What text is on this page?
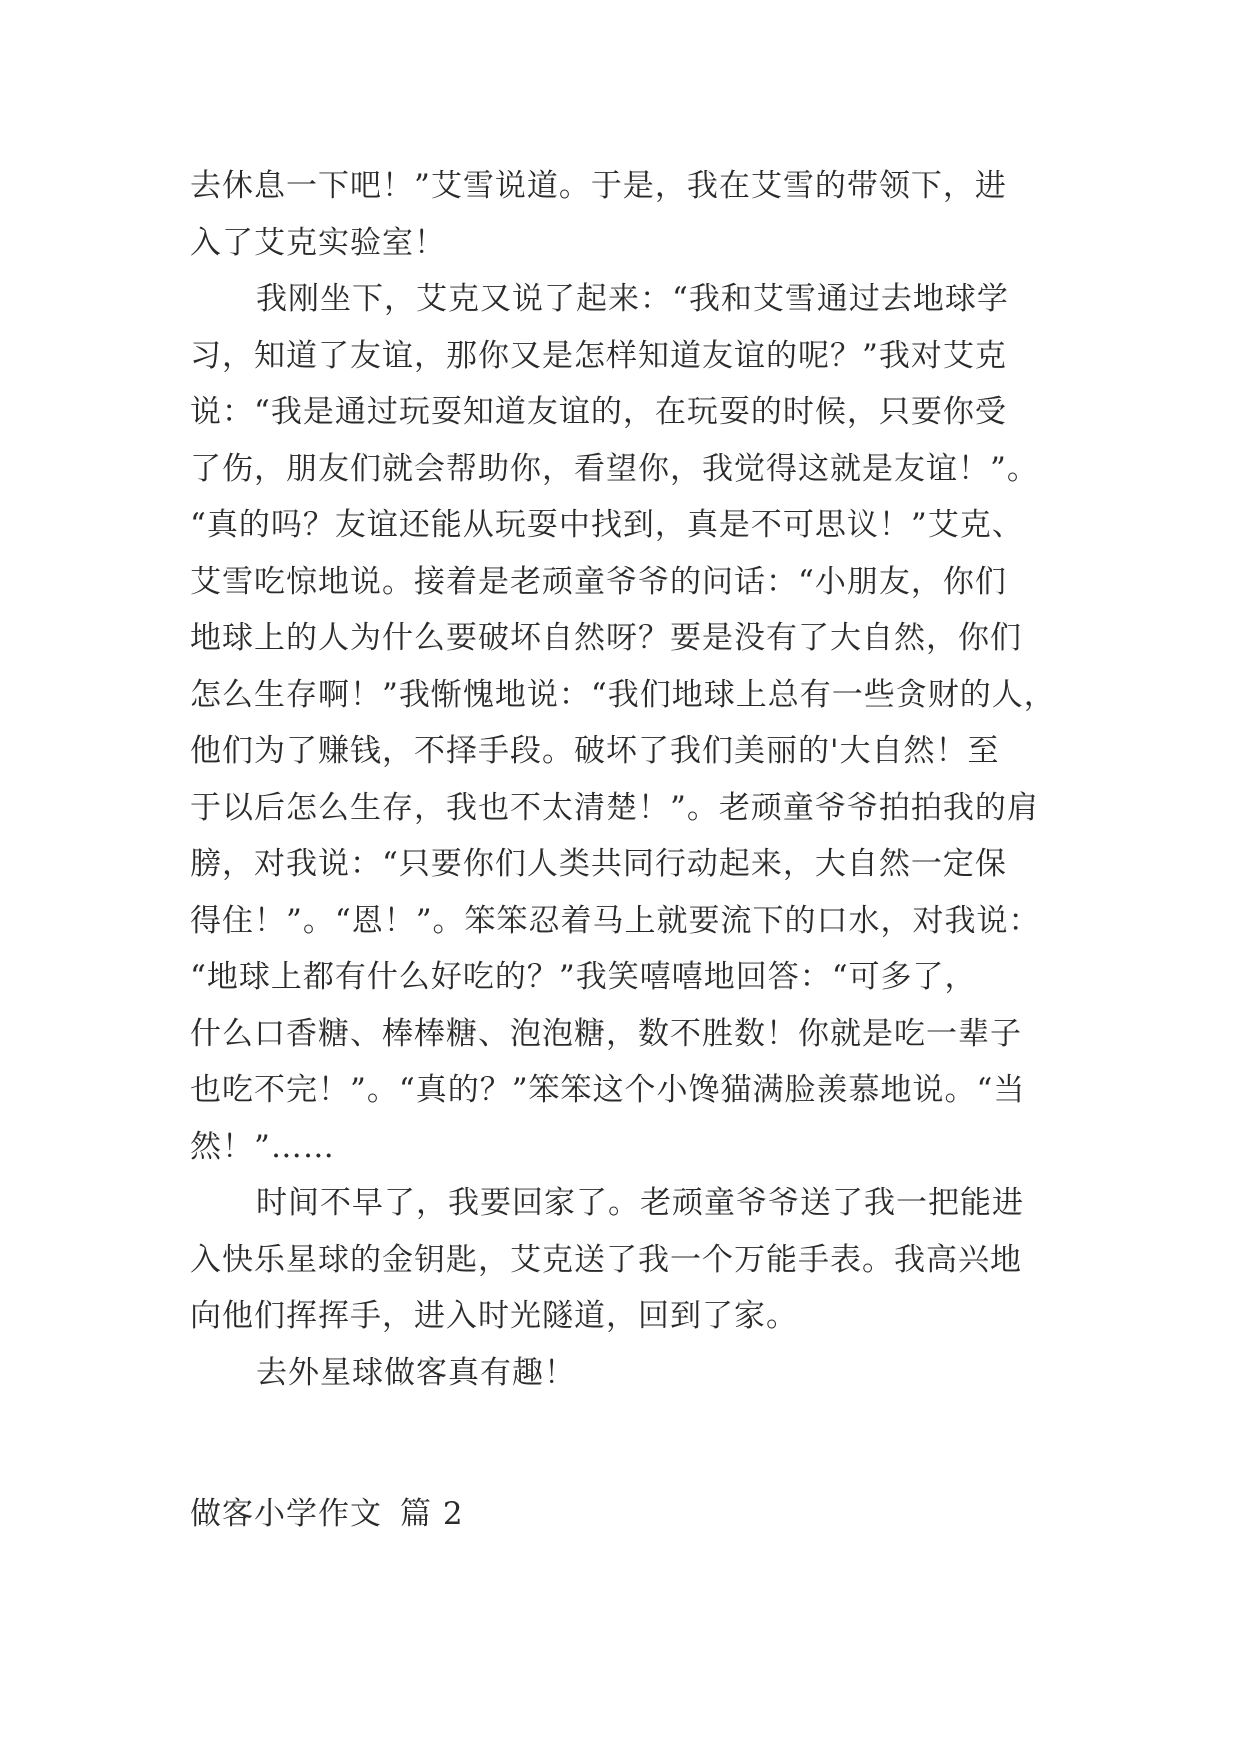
去休息一下吧！”艾雪说道。于是，我在艾雪的带领下，进
入了艾克实验室！
我刚坐下，艾克又说了起来：“我和艾雪通过去地球学
习，知道了友谊，那你又是怎样知道友谊的呢？”我对艾克
说：“我是通过玩耍知道友谊的，在玩耍的时候，只要你受
了伤，朋友们就会帮助你，看望你，我觉得这就是友谊！”。
“真的吗？友谊还能从玩耍中找到，真是不可思议！”艾克、
艾雪吃惊地说。接着是老顽童爷爷的问话：“小朋友，你们
地球上的人为什么要破坏自然呀？要是没有了大自然，你们
怎么生存啊！”我惭愧地说：“我们地球上总有一些贪财的人，
他们为了赚钱，不择手段。破坏了我们美丽的'大自然！至
于以后怎么生存，我也不太清楚！”。老顽童爷爷拍拍我的肩
膀，对我说：“只要你们人类共同行动起来，大自然一定保
得住！”。“恩！”。笨笨忍着马上就要流下的口水，对我说：
“地球上都有什么好吃的？”我笑嘻嘻地回答：“可多了，
什么口香糖、棒棒糖、泡泡糖，数不胜数！你就是吃一辈子
也吃不完！”。“真的？”笨笨这个小馋猫满脸羡慕地说。“当
然！”……
时间不早了，我要回家了。老顽童爷爷送了我一把能进
入快乐星球的金钥匙，艾克送了我一个万能手表。我高兴地
向他们挥挥手，进入时光隧道，回到了家。
去外星球做客真有趣！
做客小学作文 篇 2
